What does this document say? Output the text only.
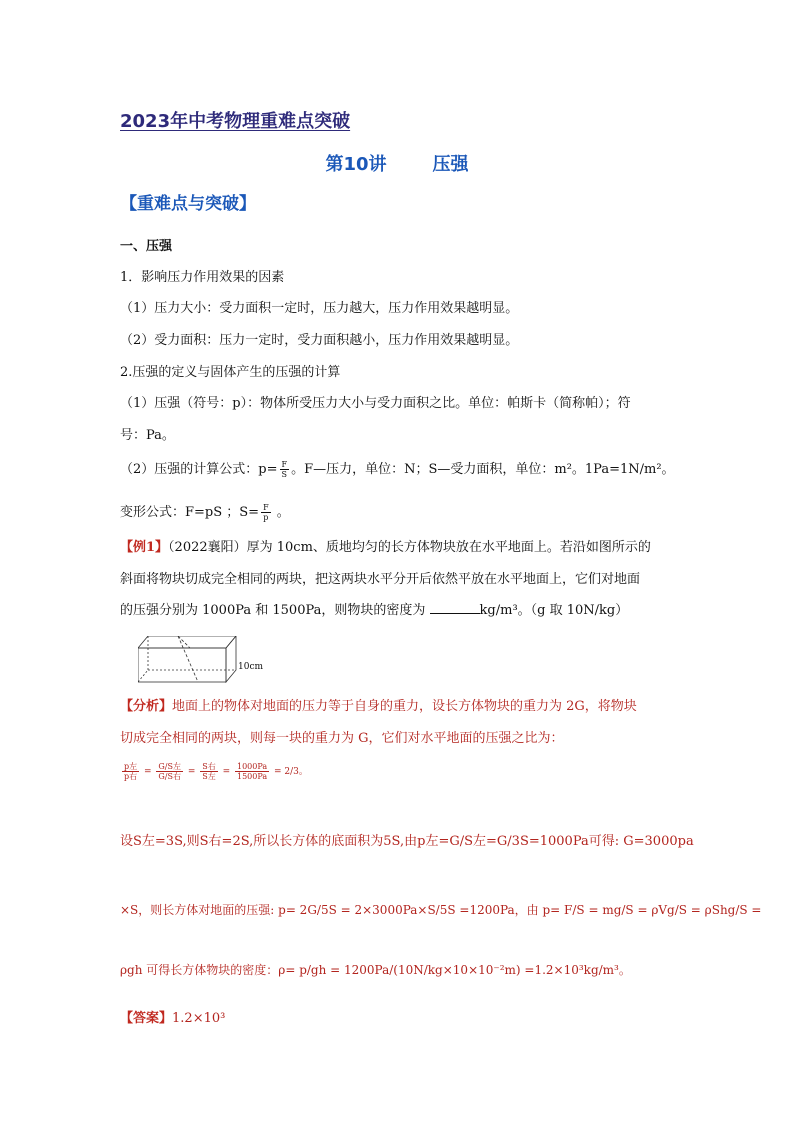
2023年中考物理重难点突破
第10讲	压强
【重难点与突破】
一、压强
1．影响压力作用效果的因素
（1）压力大小：受力面积一定时，压力越大，压力作用效果越明显。
（2）受力面积：压力一定时，受力面积越小，压力作用效果越明显。
2.压强的定义与固体产生的压强的计算
（1）压强（符号：p）：物体所受压力大小与受力面积之比。单位：帕斯卡（简称帕）；符
号：Pa。
（2）压强的计算公式：$p= \frac{F}{S}$ 。F—压力，单位：N；S—受力面积，单位：m²。1Pa=1N/m²。
变形公式：F=pS ；$S= \frac{F}{p}$ 。
【例1】（2022襄阳）厚为 10cm、质地均匀的长方体物块放在水平地面上。若沿如图所示的
斜面将物块切成完全相同的两块，把这两块水平分开后依然平放在水平地面上，它们对地面
的压强分别为 1000Pa 和 1500Pa，则物块的密度为	kg/m³。（g 取 10N/kg）
10cm
【分析】地面上的物体对地面的压力等于自身的重力，设长方体物块的重力为 2G，将物块
切成完全相同的两块，则每一块的重力为 G，它们对水平地面的压强之比为：
$\frac{\text{p左}}{\text{p右}} = \frac{\text{G/S左}}{\text{G/S右}} = \frac{\text{S右}}{\text{S左}} = \frac{1000Pa}{1500Pa} = 2/3$。
设S左=3S,则S右=2S,所以长方体的底面积为5S,由p左=G/S左=G/3S=1000Pa可得: G=3000pa
×S，则长方体对地面的压强: p= 2G/5S = 2×3000Pa×S/5S =1200Pa，由 p= F/S = mg/S = ρVg/S = ρShg/S =
ρgh 可得长方体物块的密度：ρ= p/gh = 1200Pa/(10N/kg×10×10⁻²m) =1.2×10³kg/m³。
【答案】1.2×10³
